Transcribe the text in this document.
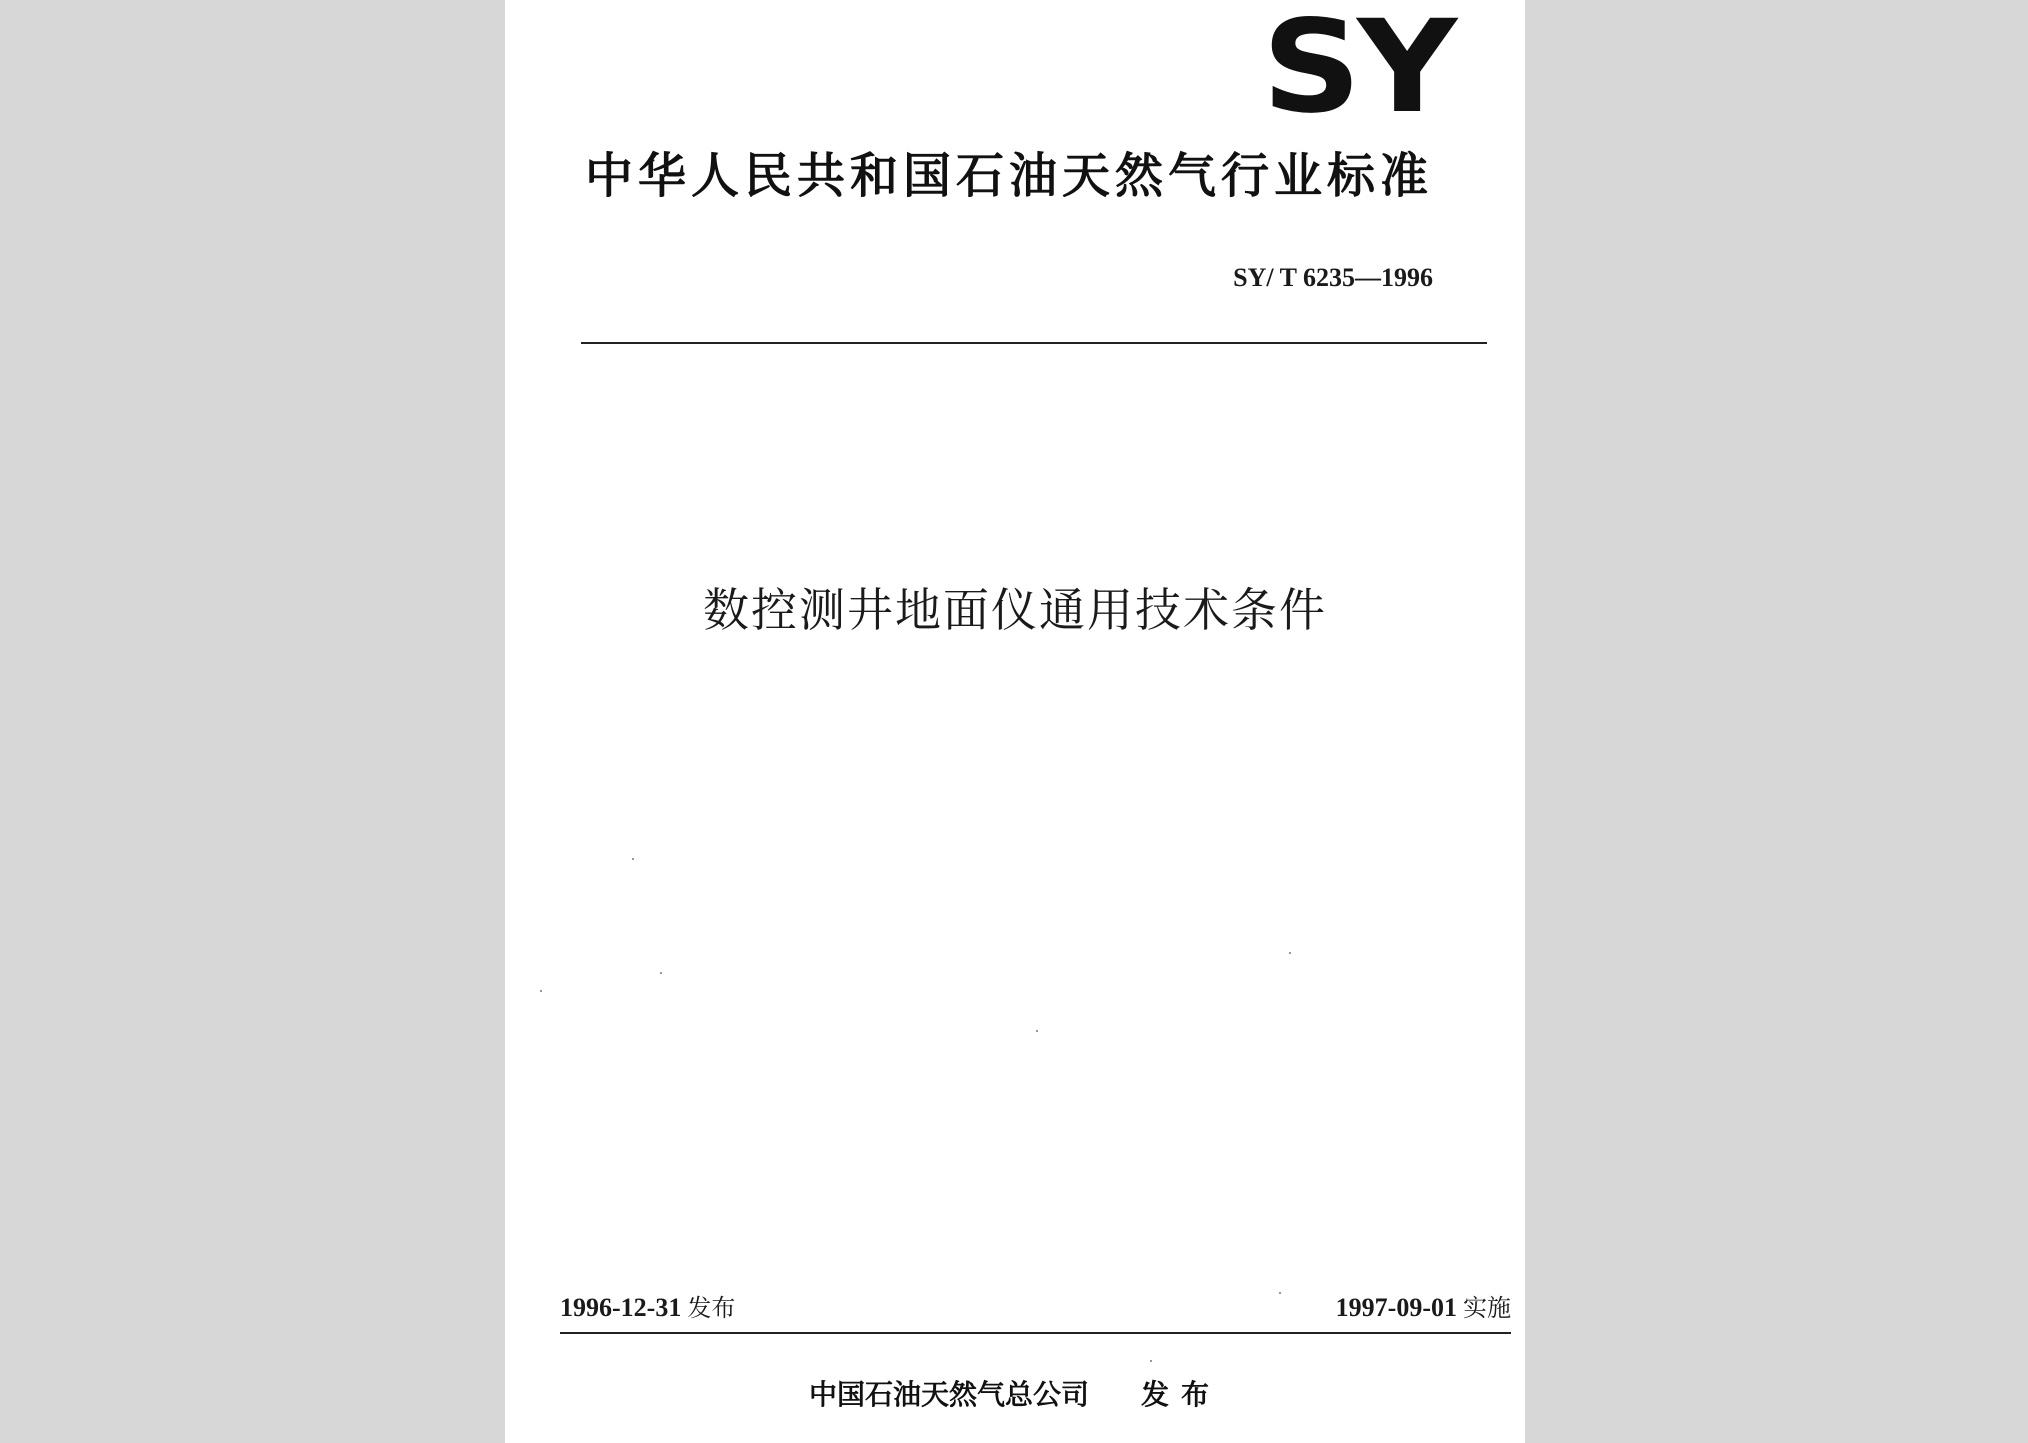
SY
中华人民共和国石油天然气行业标准
SY/ T 6235—1996
数控测井地面仪通用技术条件
1996-12-31 发布	1997-09-01 实施
中国石油天然气总公司 发布
